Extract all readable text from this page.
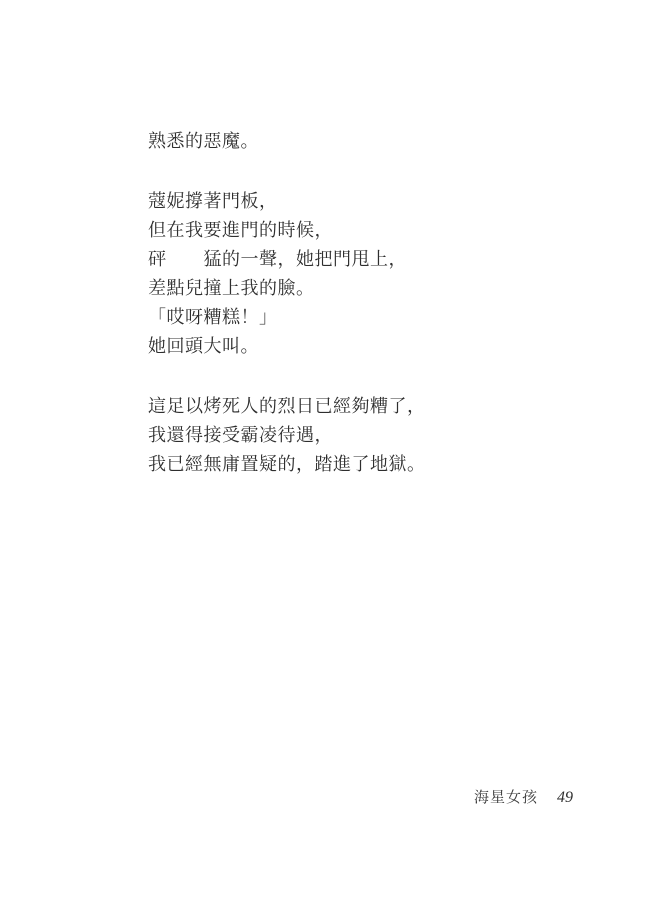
熟悉的惡魔。
蔻妮撐著門板，
但在我要進門的時候，
砰　　猛的一聲，她把門甩上，
差點兒撞上我的臉。
「哎呀糟糕！」
她回頭大叫。
這足以烤死人的烈日已經夠糟了，
我還得接受霸凌待遇，
我已經無庸置疑的，踏進了地獄。
海星女孩 49
